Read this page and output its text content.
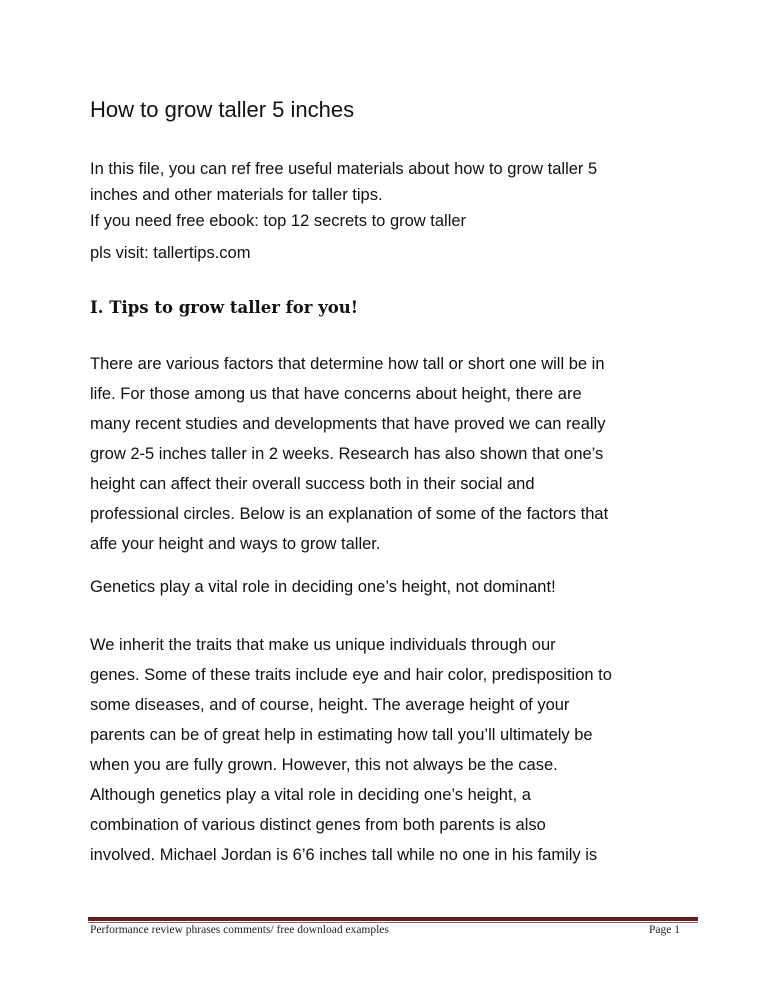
How to grow taller 5 inches
In this file, you can ref free useful materials about how to grow taller 5
inches and other materials for taller tips.
If you need free ebook: top 12 secrets to grow taller
pls visit: tallertips.com
I. Tips to grow taller for you!
There are various factors that determine how tall or short one will be in
life. For those among us that have concerns about height, there are
many recent studies and developments that have proved we can really
grow 2-5 inches taller in 2 weeks. Research has also shown that one’s
height can affect their overall success both in their social and
professional circles. Below is an explanation of some of the factors that
affe your height and ways to grow taller.
Genetics play a vital role in deciding one’s height, not dominant!
We inherit the traits that make us unique individuals through our
genes. Some of these traits include eye and hair color, predisposition to
some diseases, and of course, height. The average height of your
parents can be of great help in estimating how tall you’ll ultimately be
when you are fully grown. However, this not always be the case.
Although genetics play a vital role in deciding one’s height, a
combination of various distinct genes from both parents is also
involved. Michael Jordan is 6’6 inches tall while no one in his family is
Performance review phrases comments/ free download examples	Page 1
